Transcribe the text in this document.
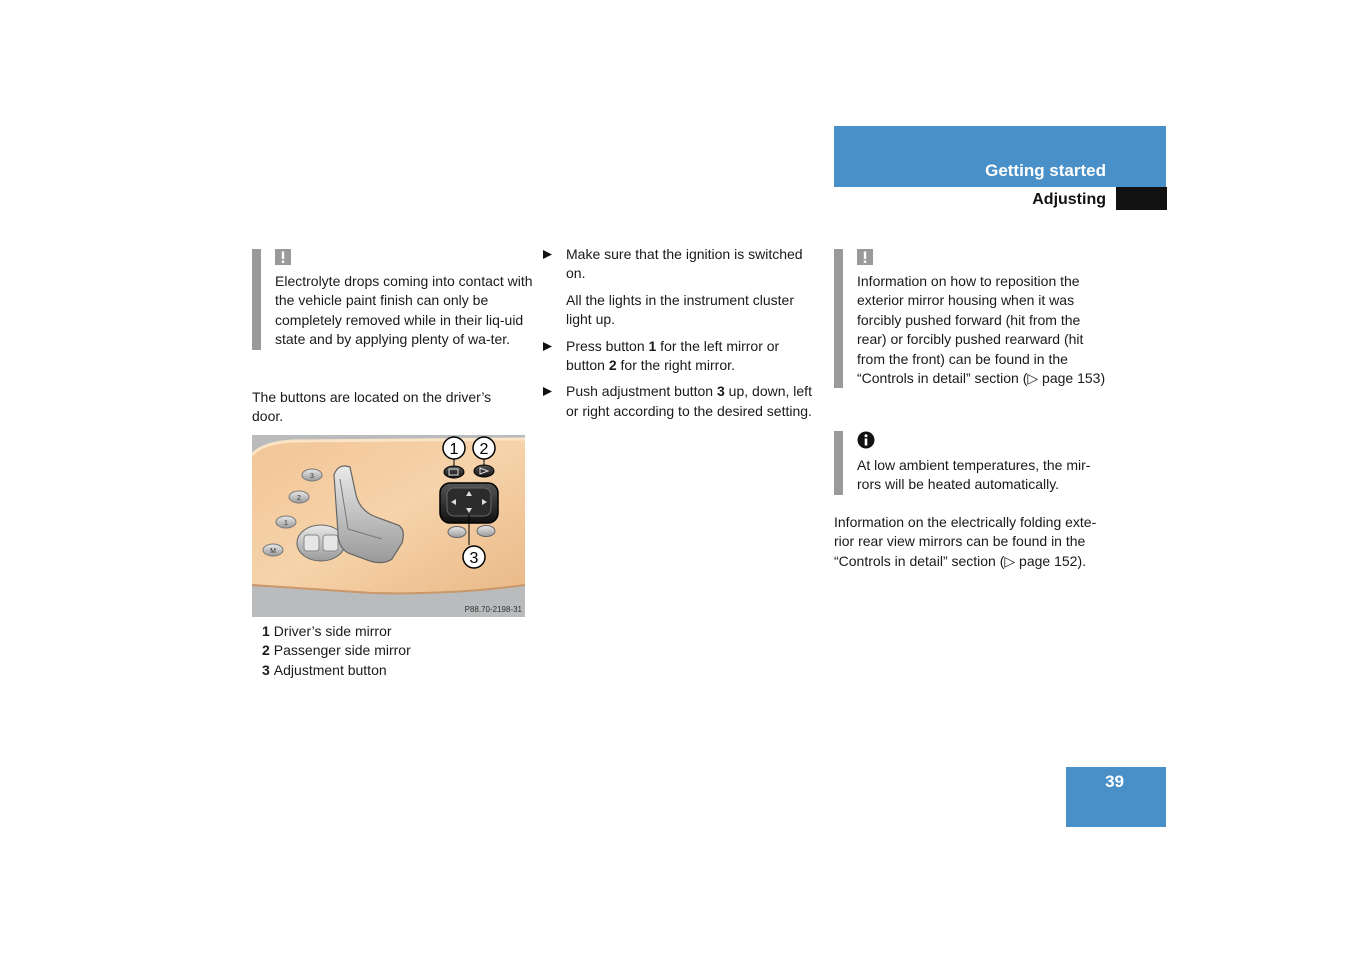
Getting started
Adjusting

Electrolyte drops coming into contact with the vehicle paint finish can only be completely removed while in their liq-uid state and by applying plenty of wa-ter.

The buttons are located on the driver’s door.

3
2
1
M
1 2
3
P88.70-2198-31
1 Driver’s side mirror
2 Passenger side mirror
3 Adjustment button

Make sure that the ignition is switched on.

All the lights in the instrument cluster light up.

Press button 1 for the left mirror or button 2 for the right mirror.

Push adjustment button 3 up, down, left or right according to the desired setting.

Information on how to reposition the exterior mirror housing when it was forcibly pushed forward (hit from the rear) or forcibly pushed rearward (hit from the front) can be found in the “Controls in detail” section (▷ page 153)

At low ambient temperatures, the mir-rors will be heated automatically.

Information on the electrically folding exte-rior rear view mirrors can be found in the “Controls in detail” section (▷ page 152).

39
